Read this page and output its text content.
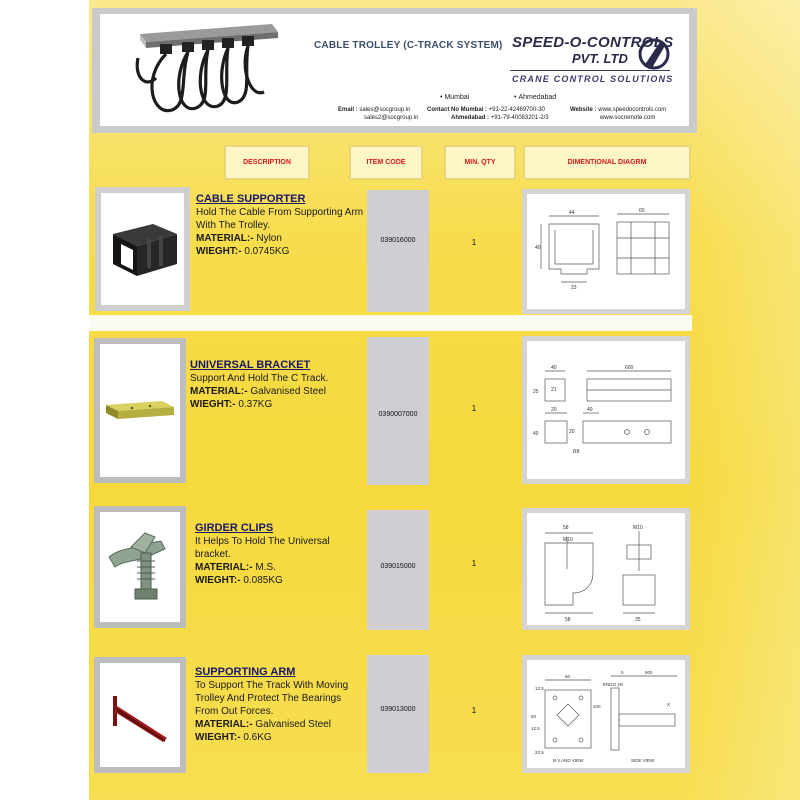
CABLE TROLLEY (C-TRACK SYSTEM) SPEED-O-CONTROLS
PVT. LTD
CRANE CONTROL SOLUTIONS
• Mumbai	• Ahmedabad
Email : sales@socgroup.in
sales2@socgroup.in
Contact No Mumbai : +91-22-42469700-30
Ahmedabad : +91-79-40083201-2/3
Website : www.speedocontrols.com
www.socremote.com
DESCRIPTION	ITEM CODE	MIN. QTY	DIMENTIONAL DIAGRM
CABLE SUPPORTER
Hold The Cable From Supporting Arm With The Trolley.
MATERIAL:- Nylon
WIEGHT:- 0.0745KG
039016000	1
44	60
40
23
UNIVERSAL BRACKET
Support And Hold The C Track.
MATERIAL:- Galvanised Steel
WIEGHT:- 0.37KG
0390007000
1
40	600
25 21
20	40
40	20
R8
GIRDER CLIPS
It Helps To Hold The Universal bracket.
MATERIAL:- M.S.
WIEGHT:- 0.085KG
039015000	1
58
M10
M10
58	35
SUPPORTING ARM
To Support The Track With Moving Trolley And Protect The Bearings From Out Forces.
MATERIAL:- Galvanised Steel
WIEGHT:- 0.6KG
039013000	1
12.5
60
5	600
X
50
12.5
100
22.5
ENDIJ 1R
B.V.AND VIEW	SIDE VIEW
